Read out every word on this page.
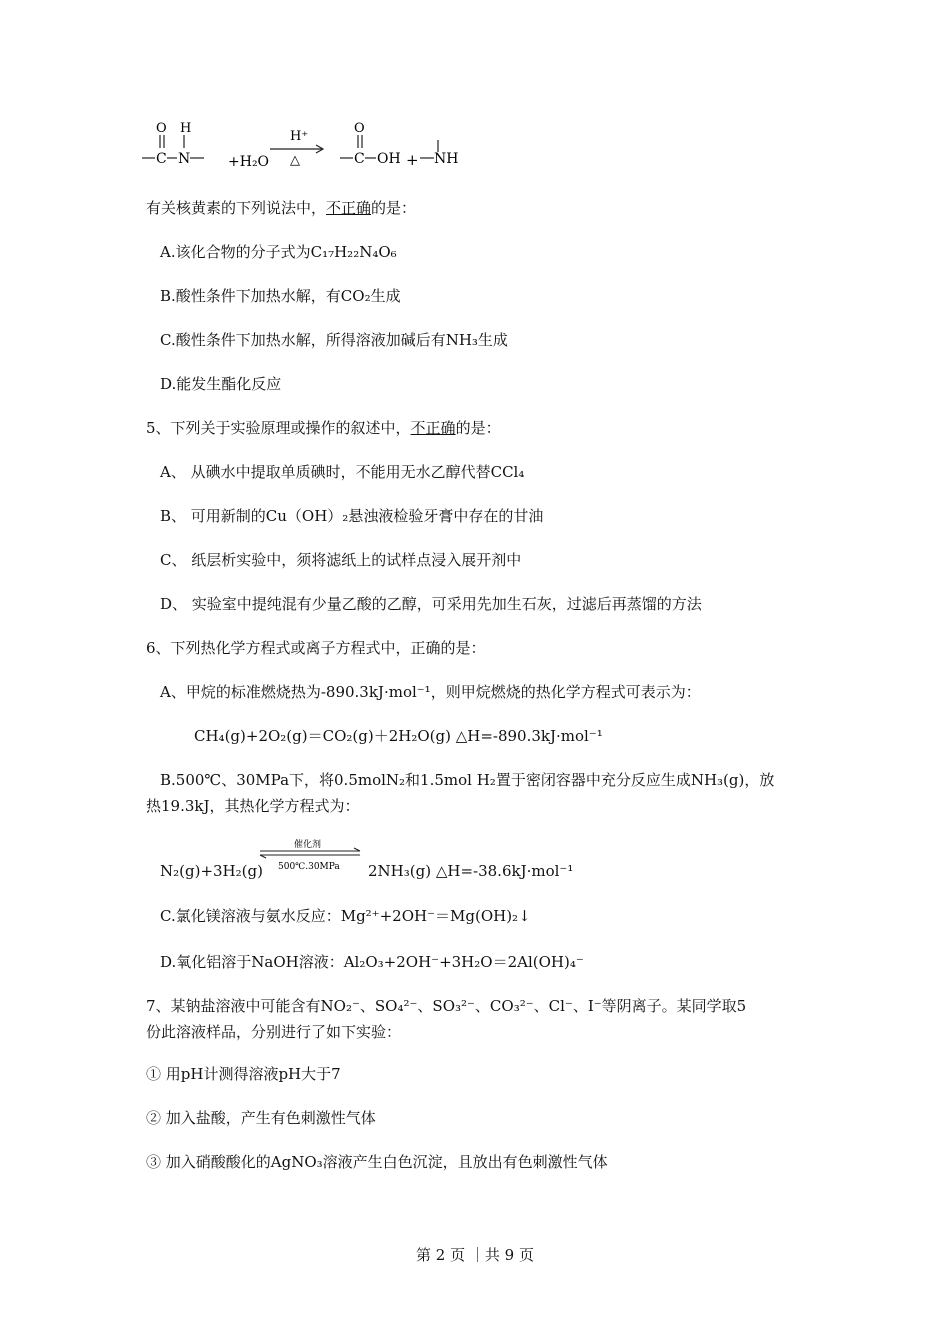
O H
C N	+H₂O
H⁺
△
O
C OH + NH
有关核黄素的下列说法中，不正确的是：
A.该化合物的分子式为C₁₇H₂₂N₄O₆
B.酸性条件下加热水解，有CO₂生成
C.酸性条件下加热水解，所得溶液加碱后有NH₃生成
D.能发生酯化反应
5、下列关于实验原理或操作的叙述中，不正确的是：
A、 从碘水中提取单质碘时，不能用无水乙醇代替CCl₄
B、 可用新制的Cu（OH）₂悬浊液检验牙膏中存在的甘油
C、 纸层析实验中，须将滤纸上的试样点浸入展开剂中
D、 实验室中提纯混有少量乙酸的乙醇，可采用先加生石灰，过滤后再蒸馏的方法
6、下列热化学方程式或离子方程式中，正确的是：
A、甲烷的标准燃烧热为-890.3kJ·mol⁻¹，则甲烷燃烧的热化学方程式可表示为：
CH₄(g)+2O₂(g)＝CO₂(g)＋2H₂O(g) △H=-890.3kJ·mol⁻¹
B.500℃、30MPa下，将0.5molN₂和1.5mol H₂置于密闭容器中充分反应生成NH₃(g)，放
热19.3kJ，其热化学方程式为：
N₂(g)+3H₂(g)
催化剂
500℃.30MPa 2NH₃(g) △H=-38.6kJ·mol⁻¹
C.氯化镁溶液与氨水反应：Mg²⁺+2OH⁻＝Mg(OH)₂↓
D.氧化铝溶于NaOH溶液：Al₂O₃+2OH⁻+3H₂O＝2Al(OH)₄⁻
7、某钠盐溶液中可能含有NO₂⁻、SO₄²⁻、SO₃²⁻、CO₃²⁻、Cl⁻、I⁻等阴离子。某同学取5
份此溶液样品，分别进行了如下实验：
① 用pH计测得溶液pH大于7
② 加入盐酸，产生有色刺激性气体
③ 加入硝酸酸化的AgNO₃溶液产生白色沉淀，且放出有色刺激性气体
第 2 页 ｜共 9 页
